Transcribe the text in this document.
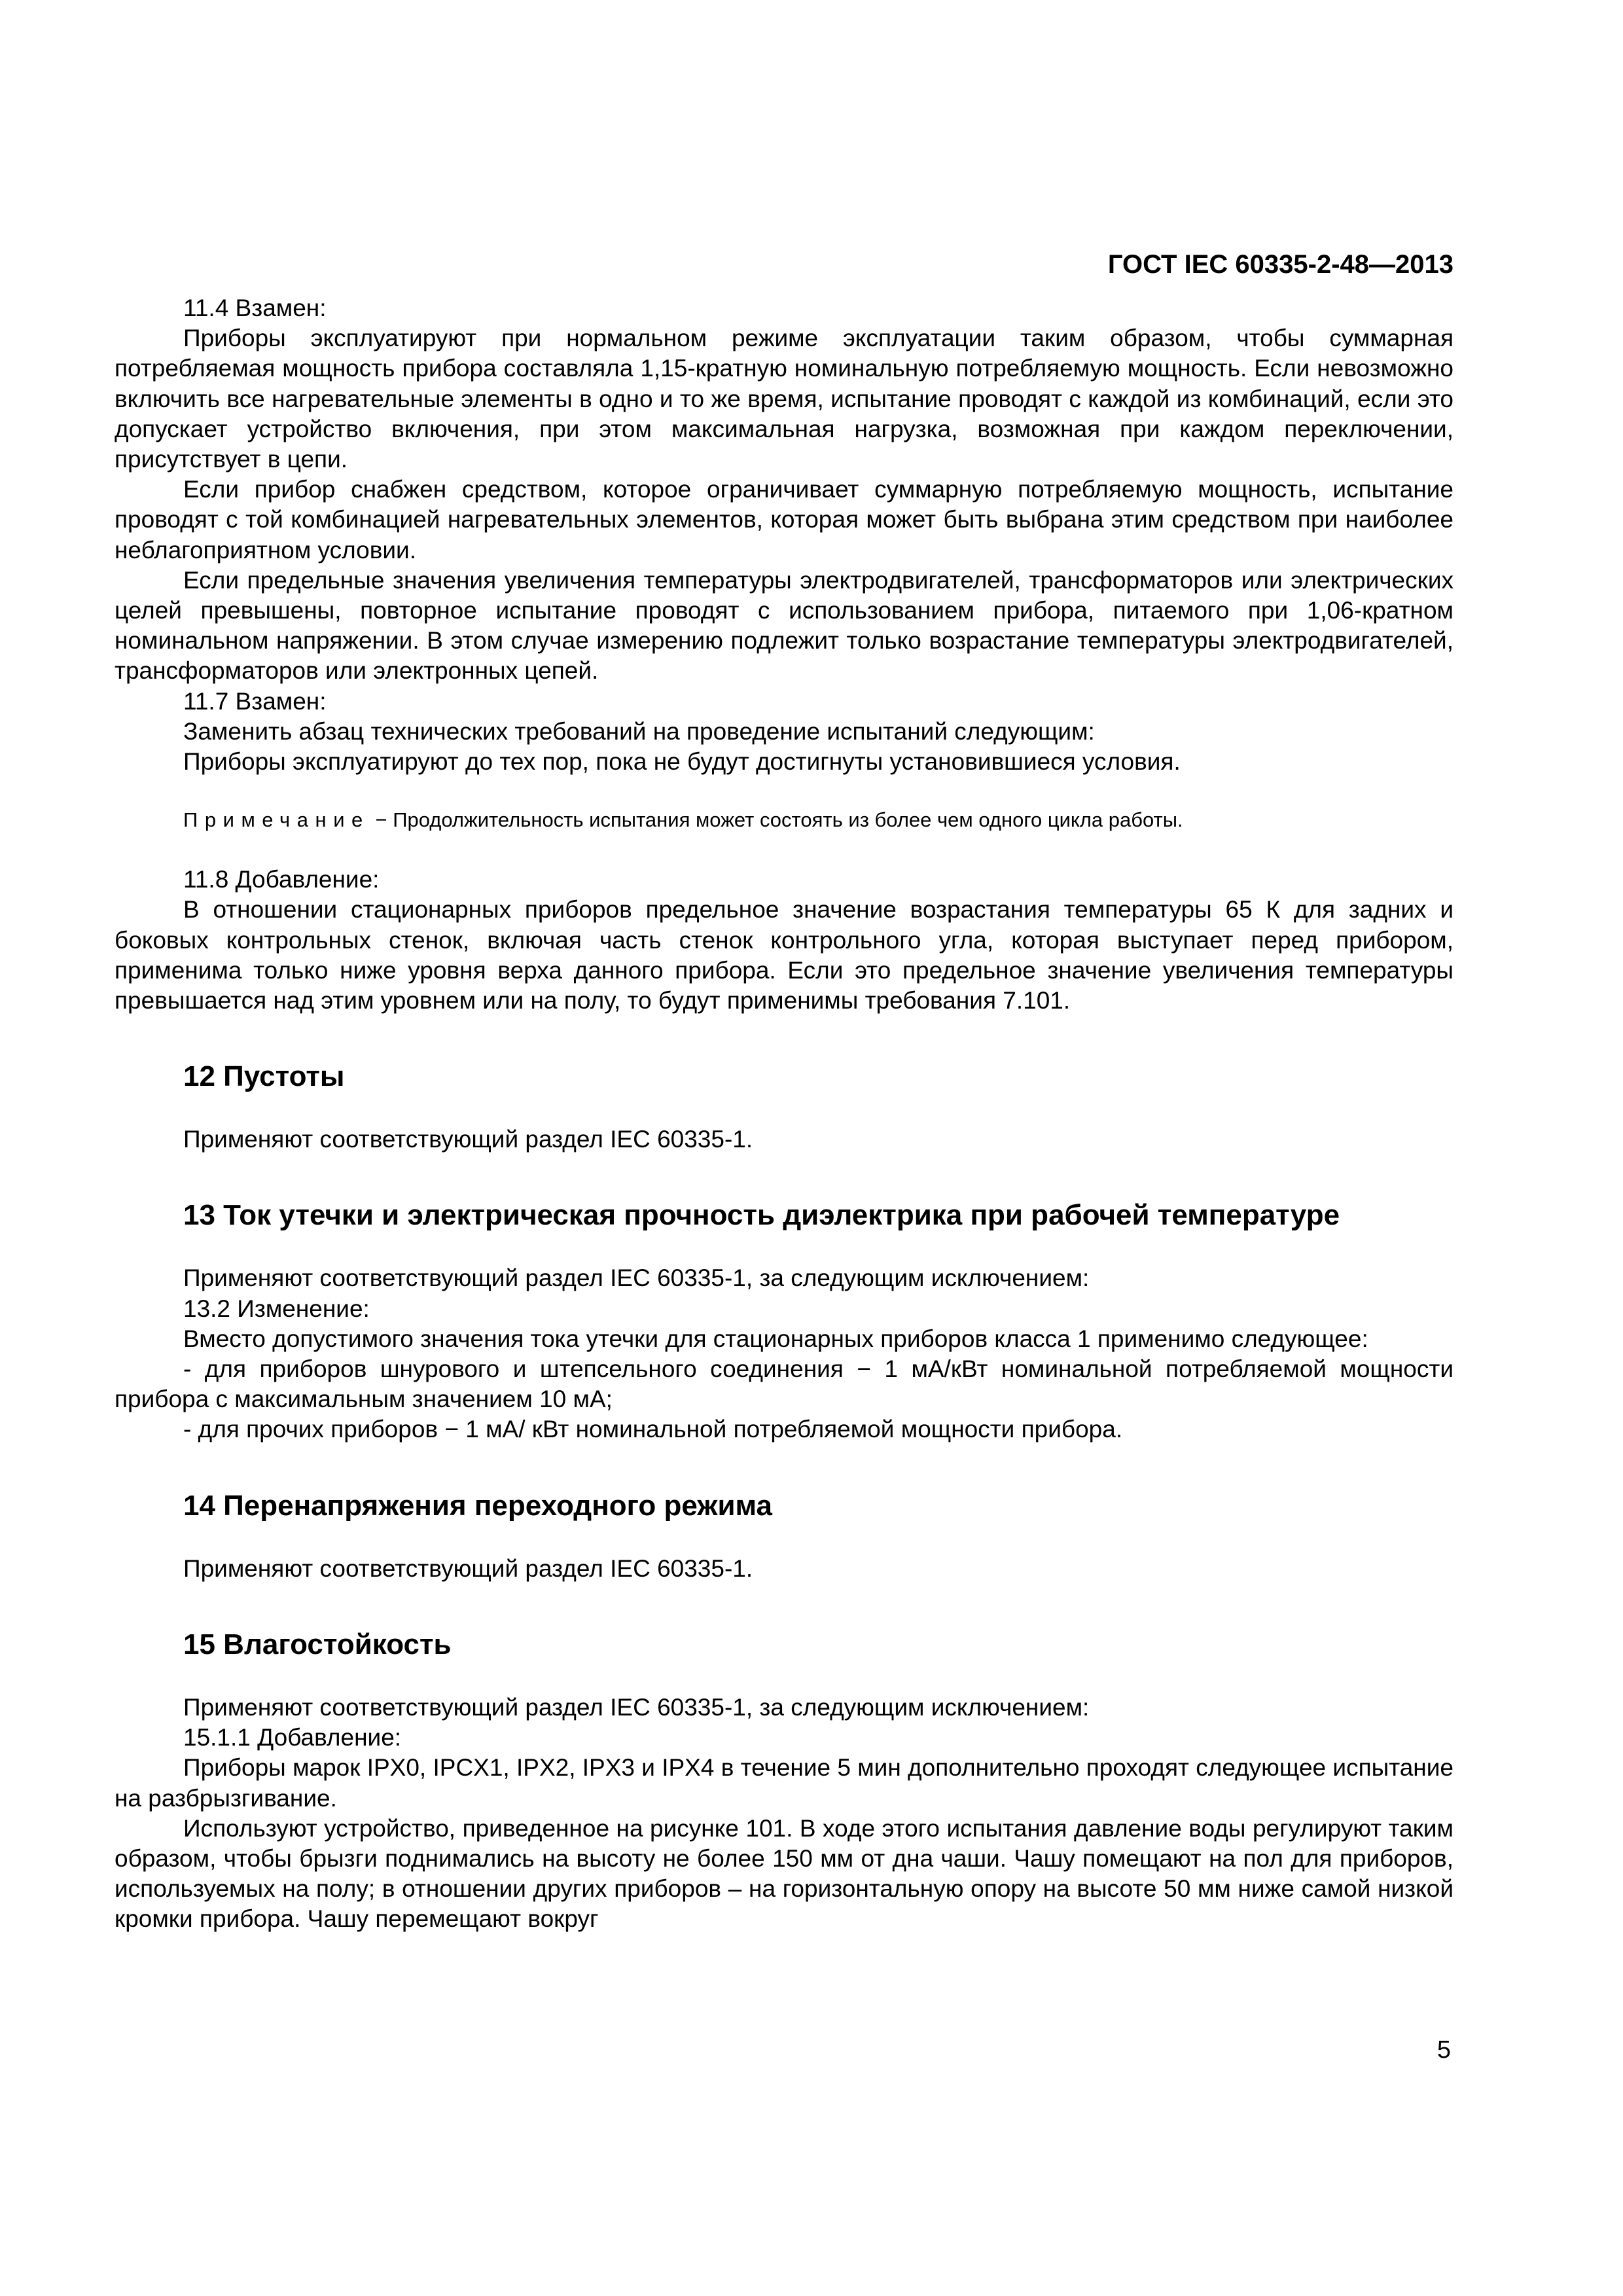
ГОСТ IEC 60335-2-48—2013

11.4 Взамен:

Приборы эксплуатируют при нормальном режиме эксплуатации таким образом, чтобы суммарная потребляемая мощность прибора составляла 1,15-кратную номинальную потребляемую мощность. Если невозможно включить все нагревательные элементы в одно и то же время, испытание проводят с каждой из комбинаций, если это допускает устройство включения, при этом максимальная нагрузка, возможная при каждом переключении, присутствует в цепи.

Если прибор снабжен средством, которое ограничивает суммарную потребляемую мощность, испытание проводят с той комбинацией нагревательных элементов, которая может быть выбрана этим средством при наиболее неблагоприятном условии.

Если предельные значения увеличения температуры электродвигателей, трансформаторов или электрических целей превышены, повторное испытание проводят с использованием прибора, питаемого при 1,06-кратном номинальном напряжении. В этом случае измерению подлежит только возрастание температуры электродвигателей, трансформаторов или электронных цепей.

11.7 Взамен:

Заменить абзац технических требований на проведение испытаний следующим:

Приборы эксплуатируют до тех пор, пока не будут достигнуты установившиеся условия.

Примечание − Продолжительность испытания может состоять из более чем одного цикла работы.

11.8 Добавление:

В отношении стационарных приборов предельное значение возрастания температуры 65 К для задних и боковых контрольных стенок, включая часть стенок контрольного угла, которая выступает перед прибором, применима только ниже уровня верха данного прибора. Если это предельное значение увеличения температуры превышается над этим уровнем или на полу, то будут применимы требования 7.101.

12 Пустоты

Применяют соответствующий раздел IEC 60335-1.

13 Ток утечки и электрическая прочность диэлектрика при рабочей температуре

Применяют соответствующий раздел IEC 60335-1, за следующим исключением:

13.2 Изменение:

Вместо допустимого значения тока утечки для стационарных приборов класса 1 применимо следующее:

- для приборов шнурового и штепсельного соединения − 1 мА/кВт номинальной потребляемой мощности прибора с максимальным значением 10 мА;

- для прочих приборов − 1 мА/ кВт номинальной потребляемой мощности прибора.

14 Перенапряжения переходного режима

Применяют соответствующий раздел IEC 60335-1.

15 Влагостойкость

Применяют соответствующий раздел IEC 60335-1, за следующим исключением:

15.1.1 Добавление:

Приборы марок IPX0, IPCX1, IPX2, IPX3 и IPX4 в течение 5 мин дополнительно проходят следующее испытание на разбрызгивание.

Используют устройство, приведенное на рисунке 101. В ходе этого испытания давление воды регулируют таким образом, чтобы брызги поднимались на высоту не более 150 мм от дна чаши. Чашу помещают на пол для приборов, используемых на полу; в отношении других приборов – на горизонтальную опору на высоте 50 мм ниже самой низкой кромки прибора. Чашу перемещают вокруг

5
